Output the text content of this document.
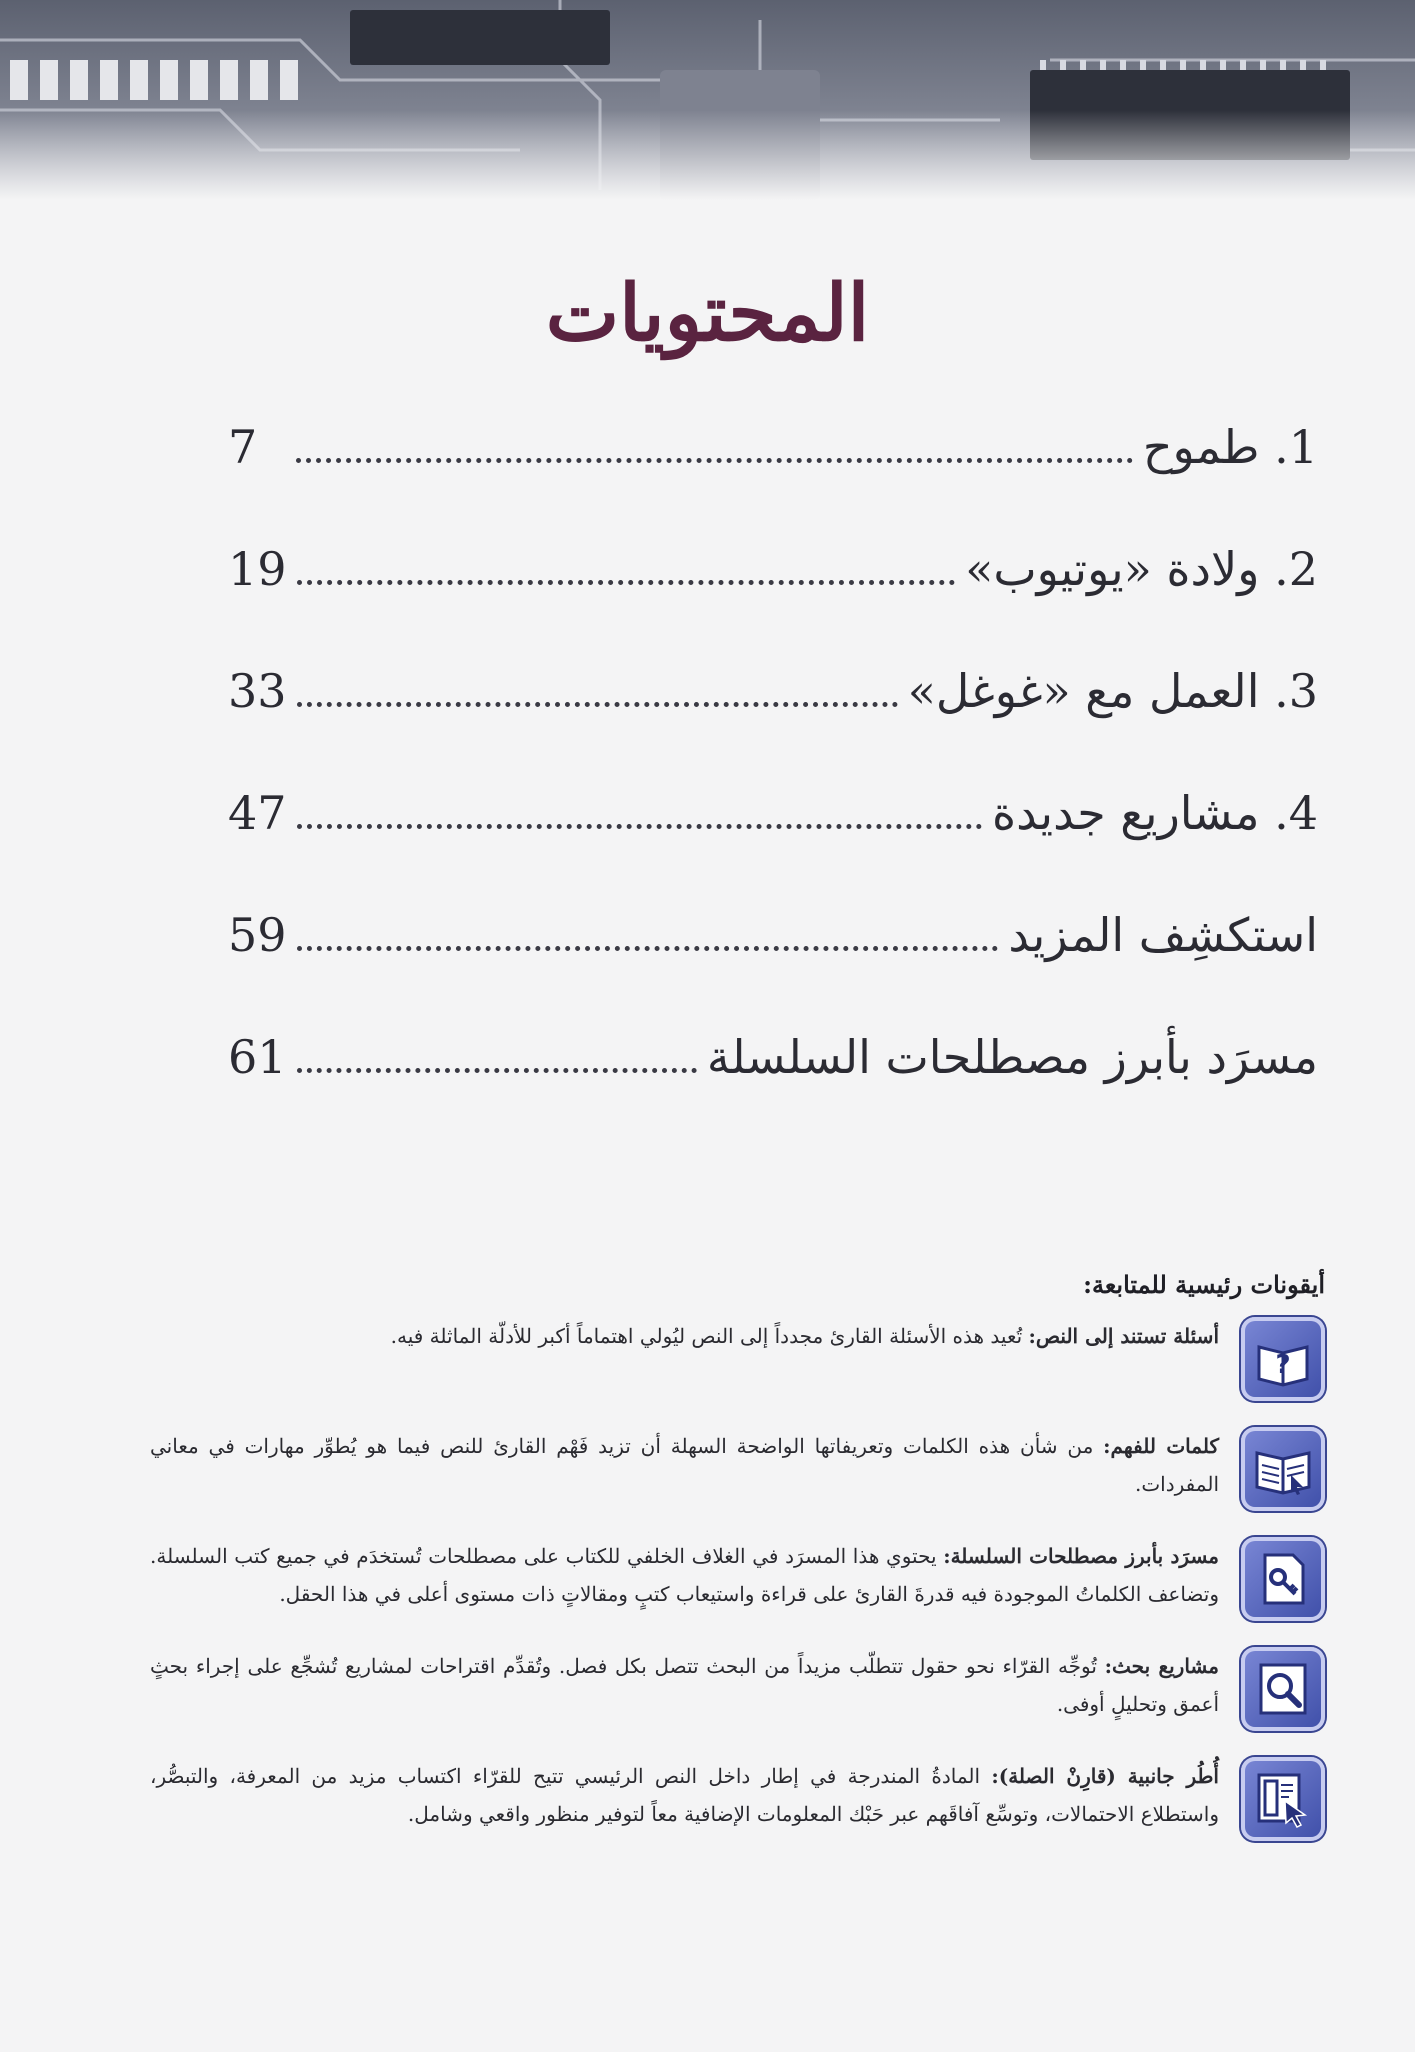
المحتويات
1. طموح
7
2. ولادة «يوتيوب»
19
3. العمل مع «غوغل»
33
4. مشاريع جديدة
47
استكشِف المزيد
59
مسرَد بأبرز مصطلحات السلسلة
61

أيقونات رئيسية للمتابعة:

?
أسئلة تستند إلى النص: تُعيد هذه الأسئلة القارئ مجدداً إلى النص ليُولي اهتماماً أكبر للأدلّة الماثلة فيه.
كلمات للفهم: من شأن هذه الكلمات وتعريفاتها الواضحة السهلة أن تزيد فَهْم القارئ للنص فيما هو يُطوِّر مهارات في معاني المفردات.
مسرَد بأبرز مصطلحات السلسلة: يحتوي هذا المسرَد في الغلاف الخلفي للكتاب على مصطلحات تُستخدَم في جميع كتب السلسلة. وتضاعف الكلماتُ الموجودة فيه قدرةَ القارئ على قراءة واستيعاب كتبٍ ومقالاتٍ ذات مستوى أعلى في هذا الحقل.
مشاريع بحث: تُوجِّه القرّاء نحو حقول تتطلّب مزيداً من البحث تتصل بكل فصل. وتُقدِّم اقتراحات لمشاريع تُشجِّع على إجراء بحثٍ أعمق وتحليلٍ أوفى.
أُطُر جانبية (قارِنْ الصلة): المادةُ المندرجة في إطار داخل النص الرئيسي تتيح للقرّاء اكتساب مزيد من المعرفة، والتبصُّر، واستطلاع الاحتمالات، وتوسِّع آفاقَهم عبر حَبْك المعلومات الإضافية معاً لتوفير منظور واقعي وشامل.
